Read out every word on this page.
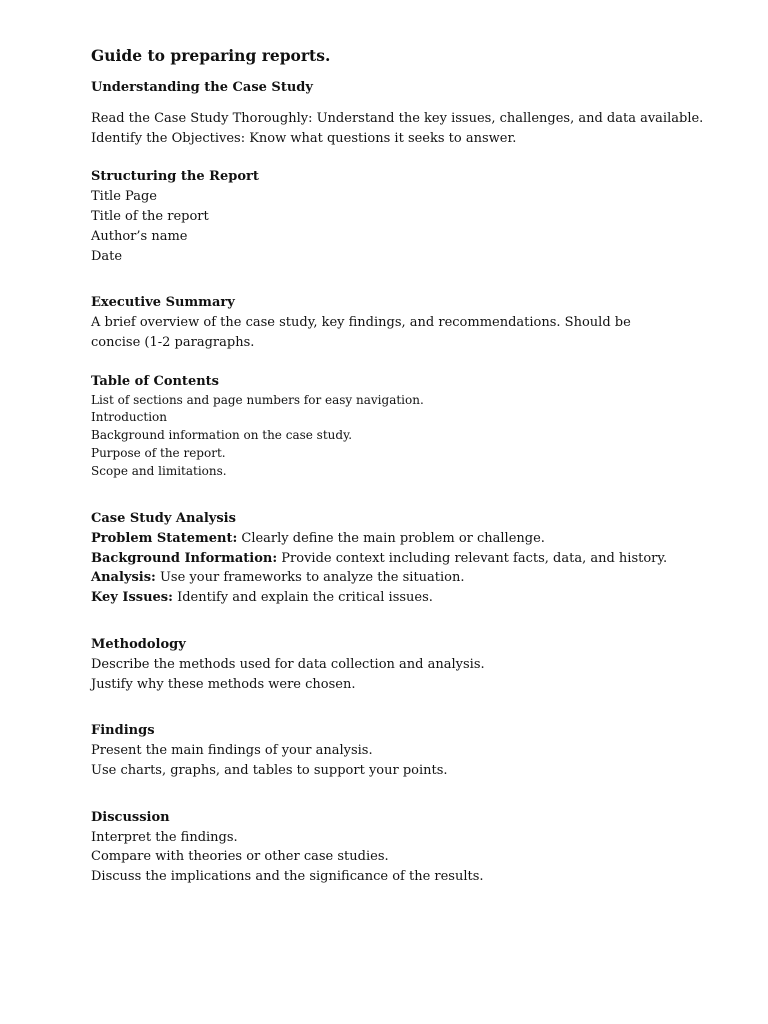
Guide to preparing reports.
Understanding the Case Study
Read the Case Study Thoroughly: Understand the key issues, challenges, and data available.
Identify the Objectives: Know what questions it seeks to answer.
Structuring the Report
Title Page
Title of the report
Author’s name
Date
Executive Summary
A brief overview of the case study, key findings, and recommendations. Should be concise (1-2 paragraphs.
Table of Contents
List of sections and page numbers for easy navigation.
Introduction
Background information on the case study.
Purpose of the report.
Scope and limitations.
Case Study Analysis
Problem Statement: Clearly define the main problem or challenge.
Background Information: Provide context including relevant facts, data, and history.
Analysis: Use your frameworks to analyze the situation.
Key Issues: Identify and explain the critical issues.
Methodology
Describe the methods used for data collection and analysis.
Justify why these methods were chosen.
Findings
Present the main findings of your analysis.
Use charts, graphs, and tables to support your points.
Discussion
Interpret the findings.
Compare with theories or other case studies.
Discuss the implications and the significance of the results.
